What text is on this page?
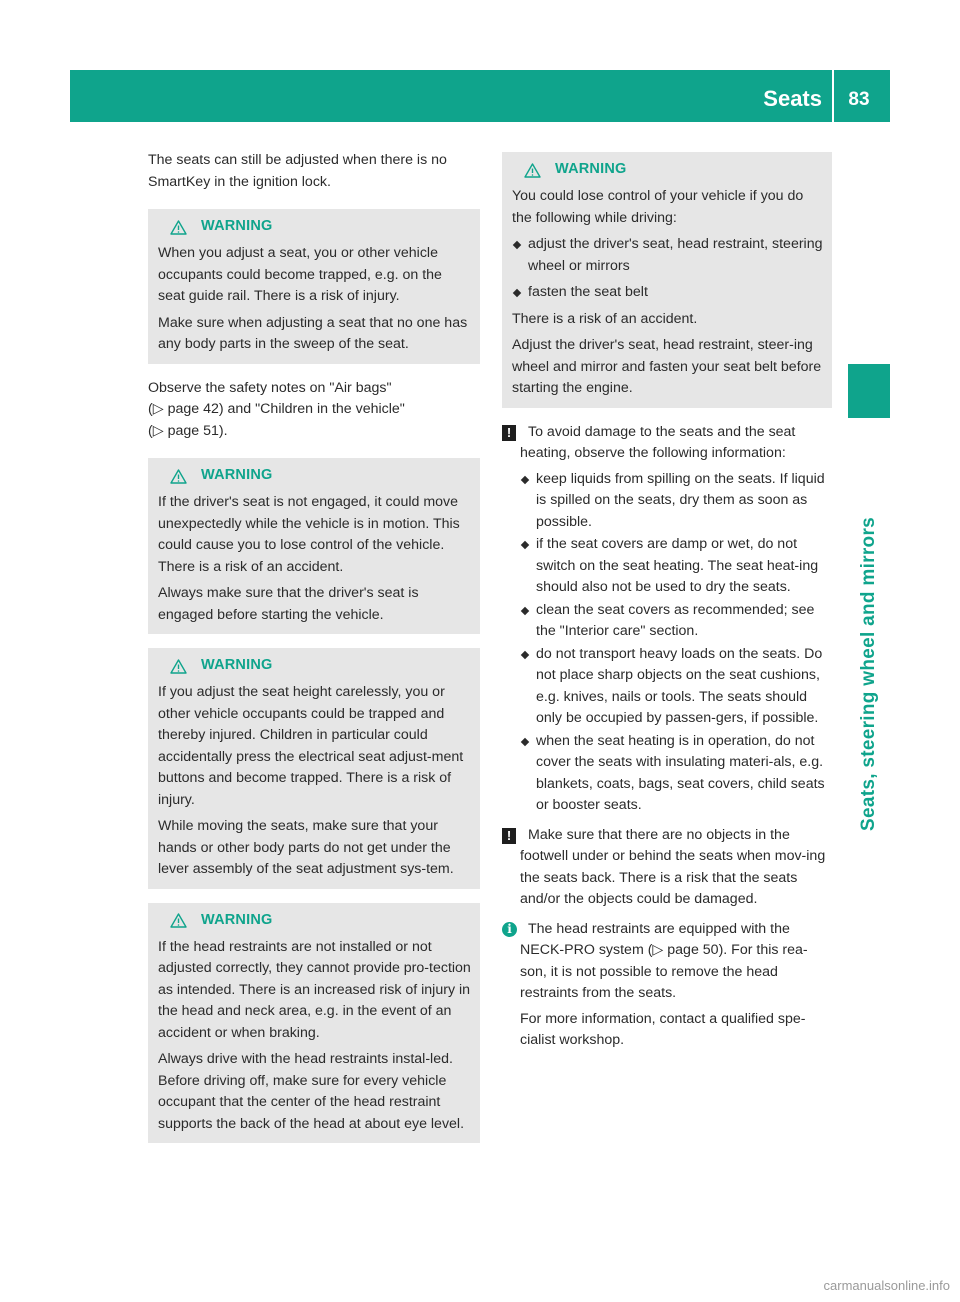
Seats	83
Seats, steering wheel and mirrors

The seats can still be adjusted when there is no SmartKey in the ignition lock.

WARNING

When you adjust a seat, you or other vehicle occupants could become trapped, e.g. on the seat guide rail. There is a risk of injury.

Make sure when adjusting a seat that no one has any body parts in the sweep of the seat.

Observe the safety notes on "Air bags"

(▷ page 42) and "Children in the vehicle"

(▷ page 51).

WARNING

If the driver's seat is not engaged, it could move unexpectedly while the vehicle is in motion. This could cause you to lose control of the vehicle. There is a risk of an accident.

Always make sure that the driver's seat is engaged before starting the vehicle.

WARNING

If you adjust the seat height carelessly, you or other vehicle occupants could be trapped and thereby injured. Children in particular could accidentally press the electrical seat adjust-ment buttons and become trapped. There is a risk of injury.

While moving the seats, make sure that your hands or other body parts do not get under the lever assembly of the seat adjustment sys-tem.

WARNING

If the head restraints are not installed or not adjusted correctly, they cannot provide pro-tection as intended. There is an increased risk of injury in the head and neck area, e.g. in the event of an accident or when braking.

Always drive with the head restraints instal-led. Before driving off, make sure for every vehicle occupant that the center of the head restraint supports the back of the head at about eye level.

WARNING

You could lose control of your vehicle if you do the following while driving:

adjust the driver's seat, head restraint, steering wheel or mirrors
fasten the seat belt

There is a risk of an accident.

Adjust the driver's seat, head restraint, steer-ing wheel and mirror and fasten your seat belt before starting the engine.

!	To avoid damage to the seats and the seat heating, observe the following information:

keep liquids from spilling on the seats. If liquid is spilled on the seats, dry them as soon as possible.
if the seat covers are damp or wet, do not switch on the seat heating. The seat heat-ing should also not be used to dry the seats.
clean the seat covers as recommended; see the "Interior care" section.
do not transport heavy loads on the seats. Do not place sharp objects on the seat cushions, e.g. knives, nails or tools. The seats should only be occupied by passen-gers, if possible.
when the seat heating is in operation, do not cover the seats with insulating materi-als, e.g. blankets, coats, bags, seat covers, child seats or booster seats.
!	Make sure that there are no objects in the footwell under or behind the seats when mov-ing the seats back. There is a risk that the seats and/or the objects could be damaged.

i	The head restraints are equipped with the NECK-PRO system (▷ page 50). For this rea-son, it is not possible to remove the head restraints from the seats.

For more information, contact a qualified spe-cialist workshop.

carmanualsonline.info
